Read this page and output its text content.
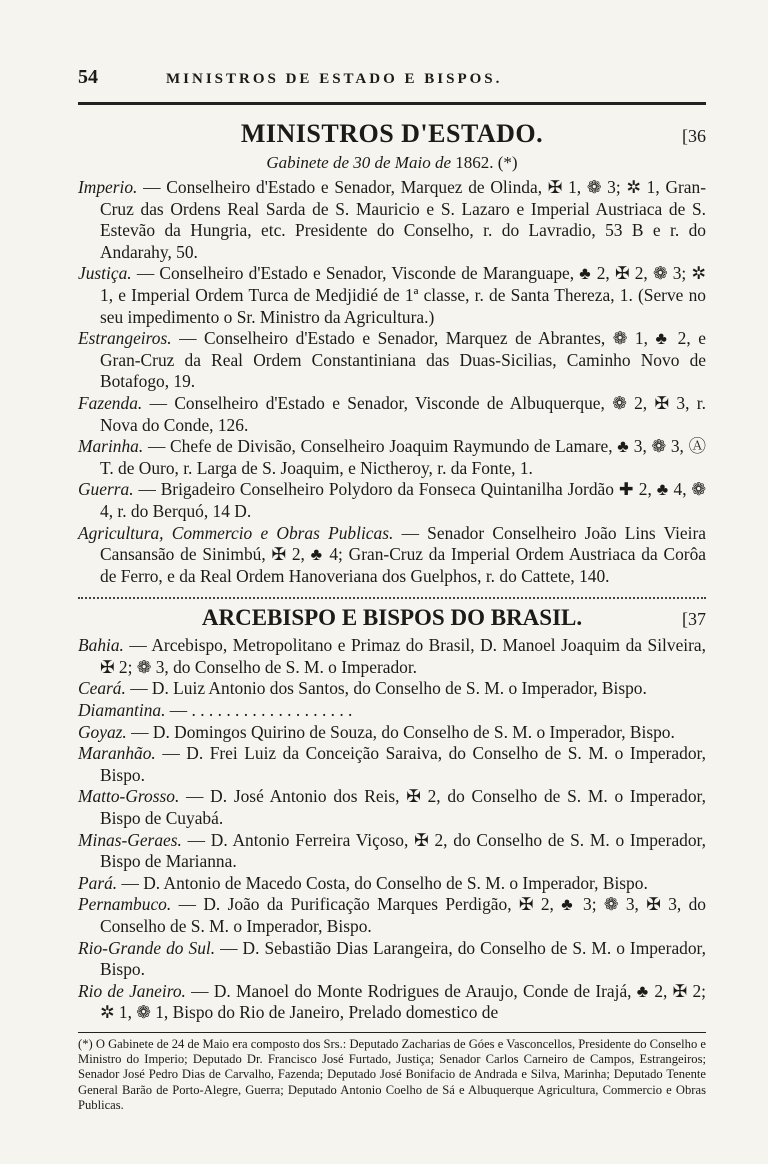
54	MINISTROS DE ESTADO E BISPOS.
MINISTROS D'ESTADO.	[36
Gabinete de 30 de Maio de 1862. (*)

Imperio. — Conselheiro d'Estado e Senador, Marquez de Olinda, ✠ 1, ❁ 3; ✲ 1, Gran-Cruz das Ordens Real Sarda de S. Mauricio e S. Lazaro e Imperial Austriaca de S. Estevão da Hungria, etc. Presidente do Conselho, r. do Lavradio, 53 B e r. do Andarahy, 50.

Justiça. — Conselheiro d'Estado e Senador, Visconde de Maranguape, ♣ 2, ✠ 2, ❁ 3; ✲ 1, e Imperial Ordem Turca de Medjidié de 1ª classe, r. de Santa Thereza, 1. (Serve no seu impedimento o Sr. Ministro da Agricultura.)

Estrangeiros. — Conselheiro d'Estado e Senador, Marquez de Abrantes, ❁ 1, ♣ 2, e Gran-Cruz da Real Ordem Constantiniana das Duas-Sicilias, Caminho Novo de Botafogo, 19.

Fazenda. — Conselheiro d'Estado e Senador, Visconde de Albuquerque, ❁ 2, ✠ 3, r. Nova do Conde, 126.

Marinha. — Chefe de Divisão, Conselheiro Joaquim Raymundo de Lamare, ♣ 3, ❁ 3, Ⓐ T. de Ouro, r. Larga de S. Joaquim, e Nictheroy, r. da Fonte, 1.

Guerra. — Brigadeiro Conselheiro Polydoro da Fonseca Quintanilha Jordão ✚ 2, ♣ 4, ❁ 4, r. do Berquó, 14 D.

Agricultura, Commercio e Obras Publicas. — Senador Conselheiro João Lins Vieira Cansansão de Sinimbú, ✠ 2, ♣ 4; Gran-Cruz da Imperial Ordem Austriaca da Corôa de Ferro, e da Real Ordem Hanoveriana dos Guelphos, r. do Cattete, 140.

ARCEBISPO E BISPOS DO BRASIL.	[37

Bahia. — Arcebispo, Metropolitano e Primaz do Brasil, D. Manoel Joaquim da Silveira, ✠ 2; ❁ 3, do Conselho de S. M. o Imperador.

Ceará. — D. Luiz Antonio dos Santos, do Conselho de S. M. o Imperador, Bispo.

Diamantina. — . . . . . . . . . . . . . . . . . . .

Goyaz. — D. Domingos Quirino de Souza, do Conselho de S. M. o Imperador, Bispo.

Maranhão. — D. Frei Luiz da Conceição Saraiva, do Conselho de S. M. o Imperador, Bispo.

Matto-Grosso. — D. José Antonio dos Reis, ✠ 2, do Conselho de S. M. o Imperador, Bispo de Cuyabá.

Minas-Geraes. — D. Antonio Ferreira Viçoso, ✠ 2, do Conselho de S. M. o Imperador, Bispo de Marianna.

Pará. — D. Antonio de Macedo Costa, do Conselho de S. M. o Imperador, Bispo.

Pernambuco. — D. João da Purificação Marques Perdigão, ✠ 2, ♣ 3; ❁ 3, ✠ 3, do Conselho de S. M. o Imperador, Bispo.

Rio-Grande do Sul. — D. Sebastião Dias Larangeira, do Conselho de S. M. o Imperador, Bispo.

Rio de Janeiro. — D. Manoel do Monte Rodrigues de Araujo, Conde de Irajá, ♣ 2, ✠ 2; ✲ 1, ❁ 1, Bispo do Rio de Janeiro, Prelado domestico de

(*) O Gabinete de 24 de Maio era composto dos Srs.: Deputado Zacharias de Góes e Vasconcellos, Presidente do Conselho e Ministro do Imperio; Deputado Dr. Francisco José Furtado, Justiça; Senador Carlos Carneiro de Campos, Estrangeiros; Senador José Pedro Dias de Carvalho, Fazenda; Deputado José Bonifacio de Andrada e Silva, Marinha; Deputado Tenente General Barão de Porto-Alegre, Guerra; Deputado Antonio Coelho de Sá e Albuquerque Agricultura, Commercio e Obras Publicas.
